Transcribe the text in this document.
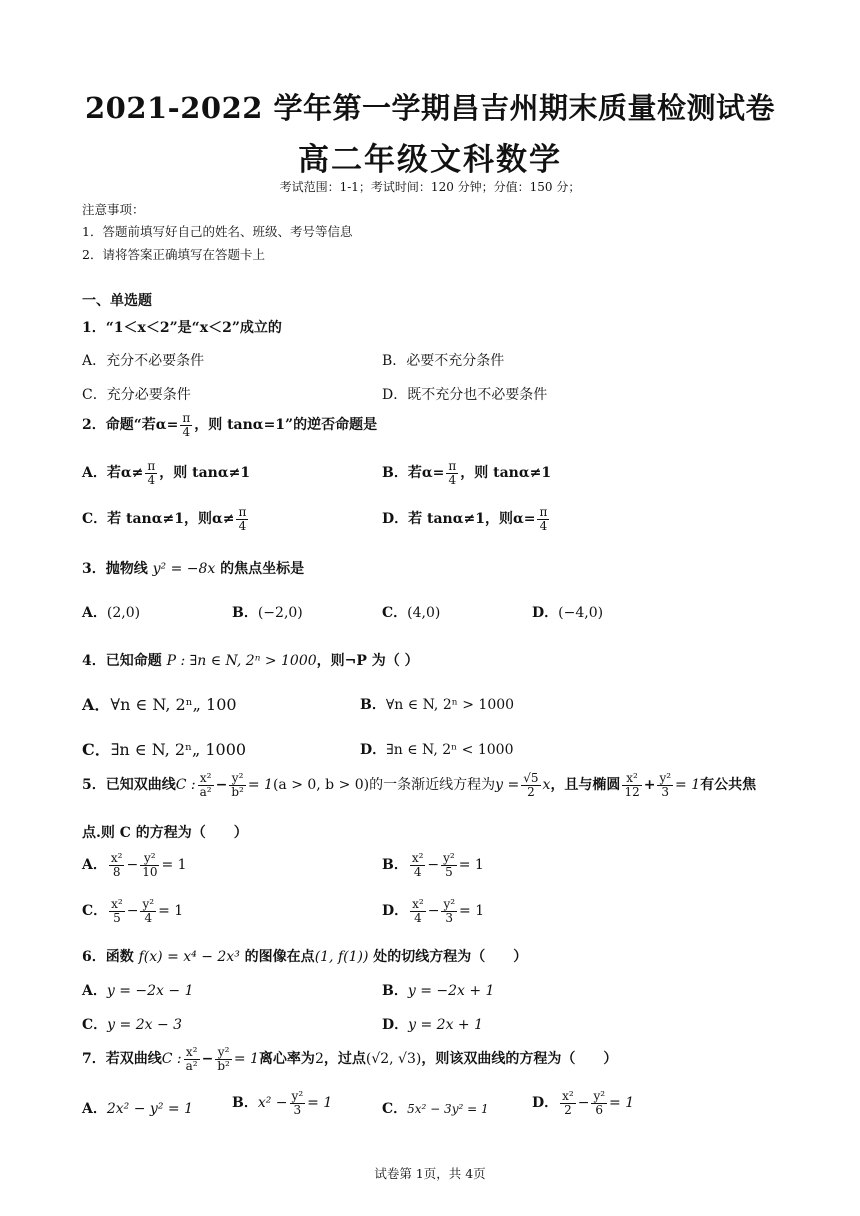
2021-2022 学年第一学期昌吉州期末质量检测试卷
高二年级文科数学
考试范围：1-1；考试时间：120 分钟；分值：150 分；
注意事项：
1．答题前填写好自己的姓名、班级、考号等信息
2．请将答案正确填写在答题卡上
一、单选题
1．“1＜x＜2”是“x＜2”成立的
A．充分不必要条件	B．必要不充分条件
C．充分必要条件	D．既不充分也不必要条件
2．命题“若$\alpha= \frac{\pi}{4}$ ，则 tanα=1”的逆否命题是
A．若$\alpha\ne \frac{\pi}{4}$ ，则 tanα≠1	B．若$\alpha= \frac{\pi}{4}$ ，则 tanα≠1
C．若 tanα≠1，则$\alpha\ne \frac{\pi}{4}$	D．若 tanα≠1，则$\alpha= \frac{\pi}{4}$
3．抛物线 y² = −8x 的焦点坐标是
A．(2,0)	B．(−2,0)	C．(4,0)	D．(−4,0)
4．已知命题 P : ∃n ∈ N, 2ⁿ > 1000，则¬P 为（ ）
A．∀n ∈ N, 2ⁿ„ 100	B．∀n ∈ N, 2ⁿ > 1000
C．∃n ∈ N, 2ⁿ„ 1000	D．∃n ∈ N, 2ⁿ < 1000
5．已知双曲线C : $\frac{\text{x²}}{\text{a²}} - \frac{\text{y²}}{\text{b²}} = 1(a > 0$, b > 0)的一条渐近线方程为$y = \frac{√5}{2}$ x，且与椭圆 $\frac{\text{x²}}{12} + \frac{\text{y²}}{3} = 1$有公共焦
点.则 C 的方程为（　　）
A． $\frac{\text{x²}}{8} - \frac{\text{y²}}{10} = 1$	B． $\frac{\text{x²}}{4} - \frac{\text{y²}}{5} = 1$
C． $\frac{\text{x²}}{5} - \frac{\text{y²}}{4} = 1$	D． $\frac{\text{x²}}{4} - \frac{\text{y²}}{3} = 1$
6．函数 f(x) = x⁴ − 2x³ 的图像在点(1, f(1)) 处的切线方程为（　　）
A．y = −2x − 1	B．y = −2x + 1
C．y = 2x − 3	D．y = 2x + 1
7．若双曲线C : $\frac{\text{x²}}{\text{a²}} - \frac{\text{y²}}{\text{b²}} = 1$离心率为2，过点(√2, √3)，则该双曲线的方程为（　　）
A．2x² − y² = 1	B．$x^2 - \frac{\text{y²}}{3} = 1$	C．5x² − 3y² = 1	D． $\frac{\text{x²}}{2} - \frac{\text{y²}}{6} = 1$
试卷第 1页，共 4页
